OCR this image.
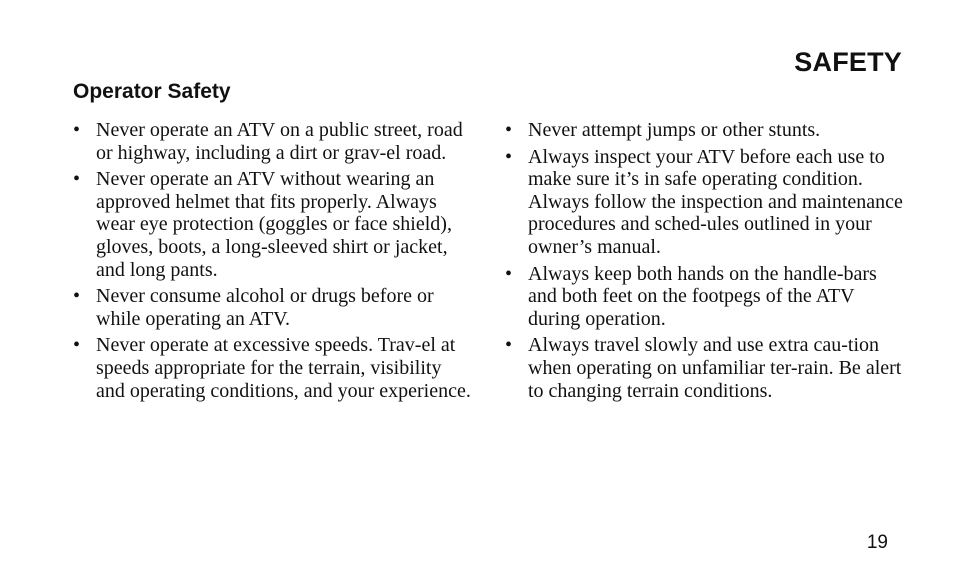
SAFETY
Operator Safety
• Never operate an ATV on a public street, road or highway, including a dirt or grav-el road.
• Never operate an ATV without wearing an approved helmet that fits properly. Always wear eye protection (goggles or face shield), gloves, boots, a long-sleeved shirt or jacket, and long pants.
• Never consume alcohol or drugs before or while operating an ATV.
• Never operate at excessive speeds. Trav-el at speeds appropriate for the terrain, visibility and operating conditions, and your experience.
• Never attempt jumps or other stunts.
• Always inspect your ATV before each use to make sure it’s in safe operating condition. Always follow the inspection and maintenance procedures and sched-ules outlined in your owner’s manual.
• Always keep both hands on the handle-bars and both feet on the footpegs of the ATV during operation.
• Always travel slowly and use extra cau-tion when operating on unfamiliar ter-rain. Be alert to changing terrain conditions.

19
